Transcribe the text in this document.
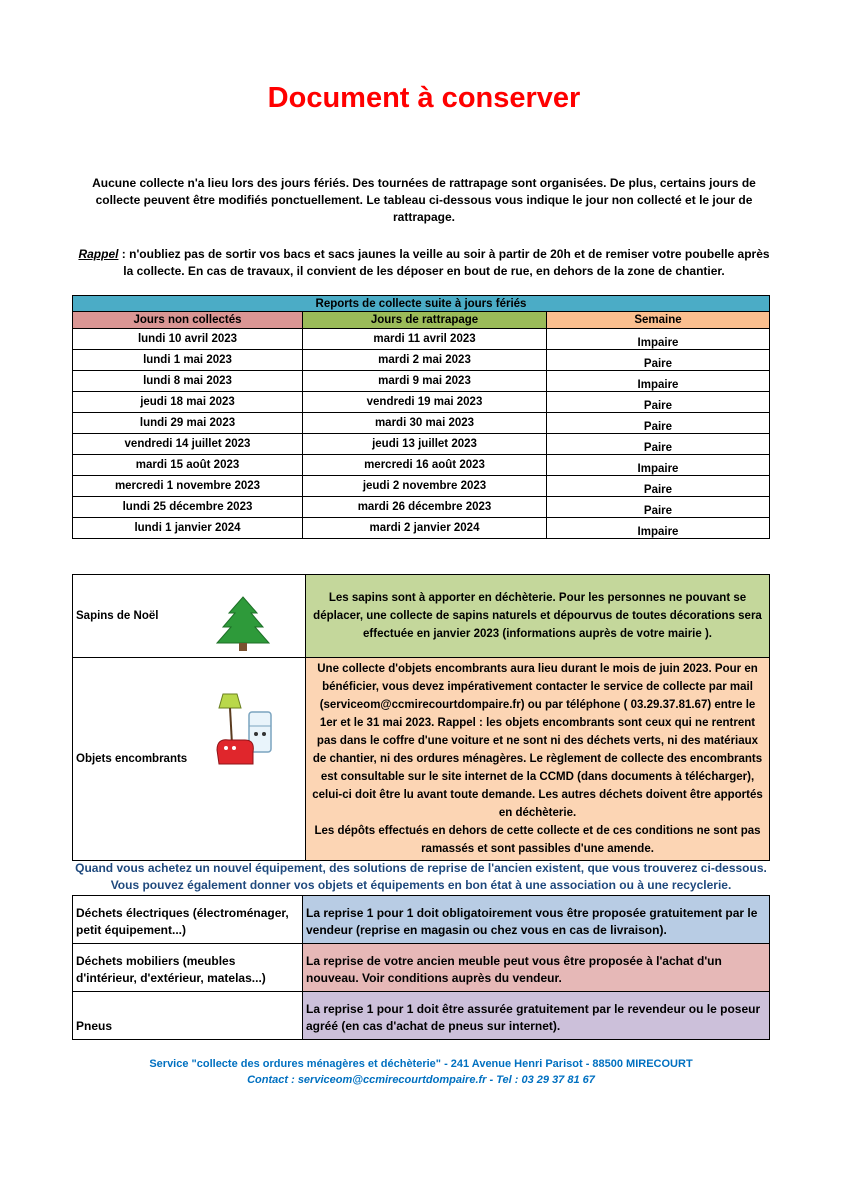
Document à conserver
Aucune collecte n'a lieu lors des jours fériés. Des tournées de rattrapage sont organisées. De plus, certains jours de collecte peuvent être modifiés ponctuellement. Le tableau ci-dessous vous indique le jour non collecté et le jour de rattrapage.
Rappel : n'oubliez pas de sortir vos bacs et sacs jaunes la veille au soir à partir de 20h et de remiser votre poubelle après la collecte. En cas de travaux, il convient de les déposer en bout de rue, en dehors de la zone de chantier.
Reports de collecte suite à jours fériés		
Jours non collectés	Jours de rattrapage	Semaine
lundi 10 avril 2023	mardi 11 avril 2023	Impaire
lundi 1 mai 2023	mardi 2 mai 2023	Paire
lundi 8 mai 2023	mardi 9 mai 2023	Impaire
jeudi 18 mai 2023	vendredi 19 mai 2023	Paire
lundi 29 mai 2023	mardi 30 mai 2023	Paire
vendredi 14 juillet 2023	jeudi 13 juillet 2023	Paire
mardi 15 août 2023	mercredi 16 août 2023	Impaire
mercredi 1 novembre 2023	jeudi 2 novembre 2023	Paire
lundi 25 décembre 2023	mardi 26 décembre 2023	Paire
lundi 1 janvier 2024	mardi 2 janvier 2024	Impaire
Sapins de Noël	Les sapins sont à apporter en déchèterie. Pour les personnes ne pouvant se déplacer, une collecte de sapins naturels et dépourvus de toutes décorations sera effectuée en janvier 2023 (informations auprès de votre mairie ).
Objets encombrants	Une collecte d'objets encombrants aura lieu durant le mois de juin 2023. Pour en bénéficier, vous devez impérativement contacter le service de collecte par mail (serviceom@ccmirecourtdompaire.fr) ou par téléphone ( 03.29.37.81.67) entre le 1er et le 31 mai 2023. Rappel : les objets encombrants sont ceux qui ne rentrent pas dans le coffre d'une voiture et ne sont ni des déchets verts, ni des matériaux de chantier, ni des ordures ménagères. Le règlement de collecte des encombrants est consultable sur le site internet de la CCMD (dans documents à télécharger), celui-ci doit être lu avant toute demande. Les autres déchets doivent être apportés en déchèterie.
Les dépôts effectués en dehors de cette collecte et de ces conditions ne sont pas ramassés et sont passibles d'une amende.
Quand vous achetez un nouvel équipement, des solutions de reprise de l'ancien existent, que vous trouverez ci-dessous. Vous pouvez également donner vos objets et équipements en bon état à une association ou à une recyclerie.
Déchets électriques (électroménager, petit équipement...)	La reprise 1 pour 1 doit obligatoirement vous être proposée gratuitement par le vendeur (reprise en magasin ou chez vous en cas de livraison).
Déchets mobiliers (meubles d'intérieur, d'extérieur, matelas...)	La reprise de votre ancien meuble peut vous être proposée à l'achat d'un nouveau. Voir conditions auprès du vendeur.
Pneus	La reprise 1 pour 1 doit être assurée gratuitement par le revendeur ou le poseur agréé (en cas d'achat de pneus sur internet).
Service "collecte des ordures ménagères et déchèterie" - 241 Avenue Henri Parisot - 88500 MIRECOURT
Contact : serviceom@ccmirecourtdompaire.fr - Tel : 03 29 37 81 67
